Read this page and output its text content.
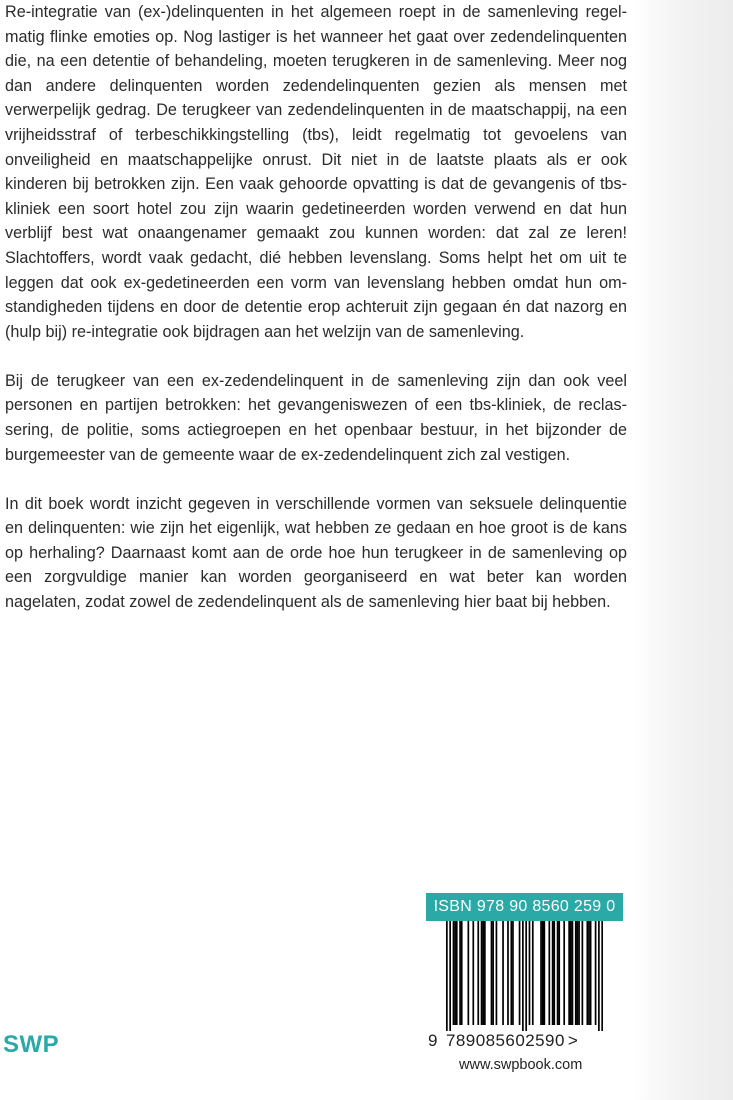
Re-integratie van (ex-)delinquenten in het algemeen roept in de samenleving regelmatig flinke emoties op. Nog lastiger is het wanneer het gaat over zedendelinquenten die, na een detentie of behandeling, moeten terugkeren in de samenleving. Meer nog dan andere delinquenten worden zedendelinquenten gezien als mensen met verwerpelijk gedrag. De terugkeer van zedendelinquenten in de maatschappij, na een vrijheidsstraf of terbeschikkingstelling (tbs), leidt regelmatig tot gevoelens van onveiligheid en maatschappelijke onrust. Dit niet in de laatste plaats als er ook kinderen bij betrokken zijn. Een vaak gehoorde opvatting is dat de gevangenis of tbs-kliniek een soort hotel zou zijn waarin gedetineerden worden verwend en dat hun verblijf best wat onaangenamer gemaakt zou kunnen worden: dat zal ze leren! Slachtoffers, wordt vaak gedacht, dié hebben levenslang. Soms helpt het om uit te leggen dat ook ex-gedetineerden een vorm van levenslang hebben omdat hun omstandigheden tijdens en door de detentie erop achteruit zijn gegaan én dat nazorg en (hulp bij) re-integratie ook bijdragen aan het welzijn van de samenleving.

Bij de terugkeer van een ex-zedendelinquent in de samenleving zijn dan ook veel personen en partijen betrokken: het gevangeniswezen of een tbs-kliniek, de reclassering, de politie, soms actiegroepen en het openbaar bestuur, in het bijzonder de burgemeester van de gemeente waar de ex-zedendelinquent zich zal vestigen.

In dit boek wordt inzicht gegeven in verschillende vormen van seksuele delinquentie en delinquenten: wie zijn het eigenlijk, wat hebben ze gedaan en hoe groot is de kans op herhaling? Daarnaast komt aan de orde hoe hun terugkeer in de samenleving op een zorgvuldige manier kan worden georganiseerd en wat beter kan worden nagelaten, zodat zowel de zedendelinquent als de samenleving hier baat bij hebben.

ISBN 978 90 8560 259 0
9 789085602590 >
www.swpbook.com
SWP
